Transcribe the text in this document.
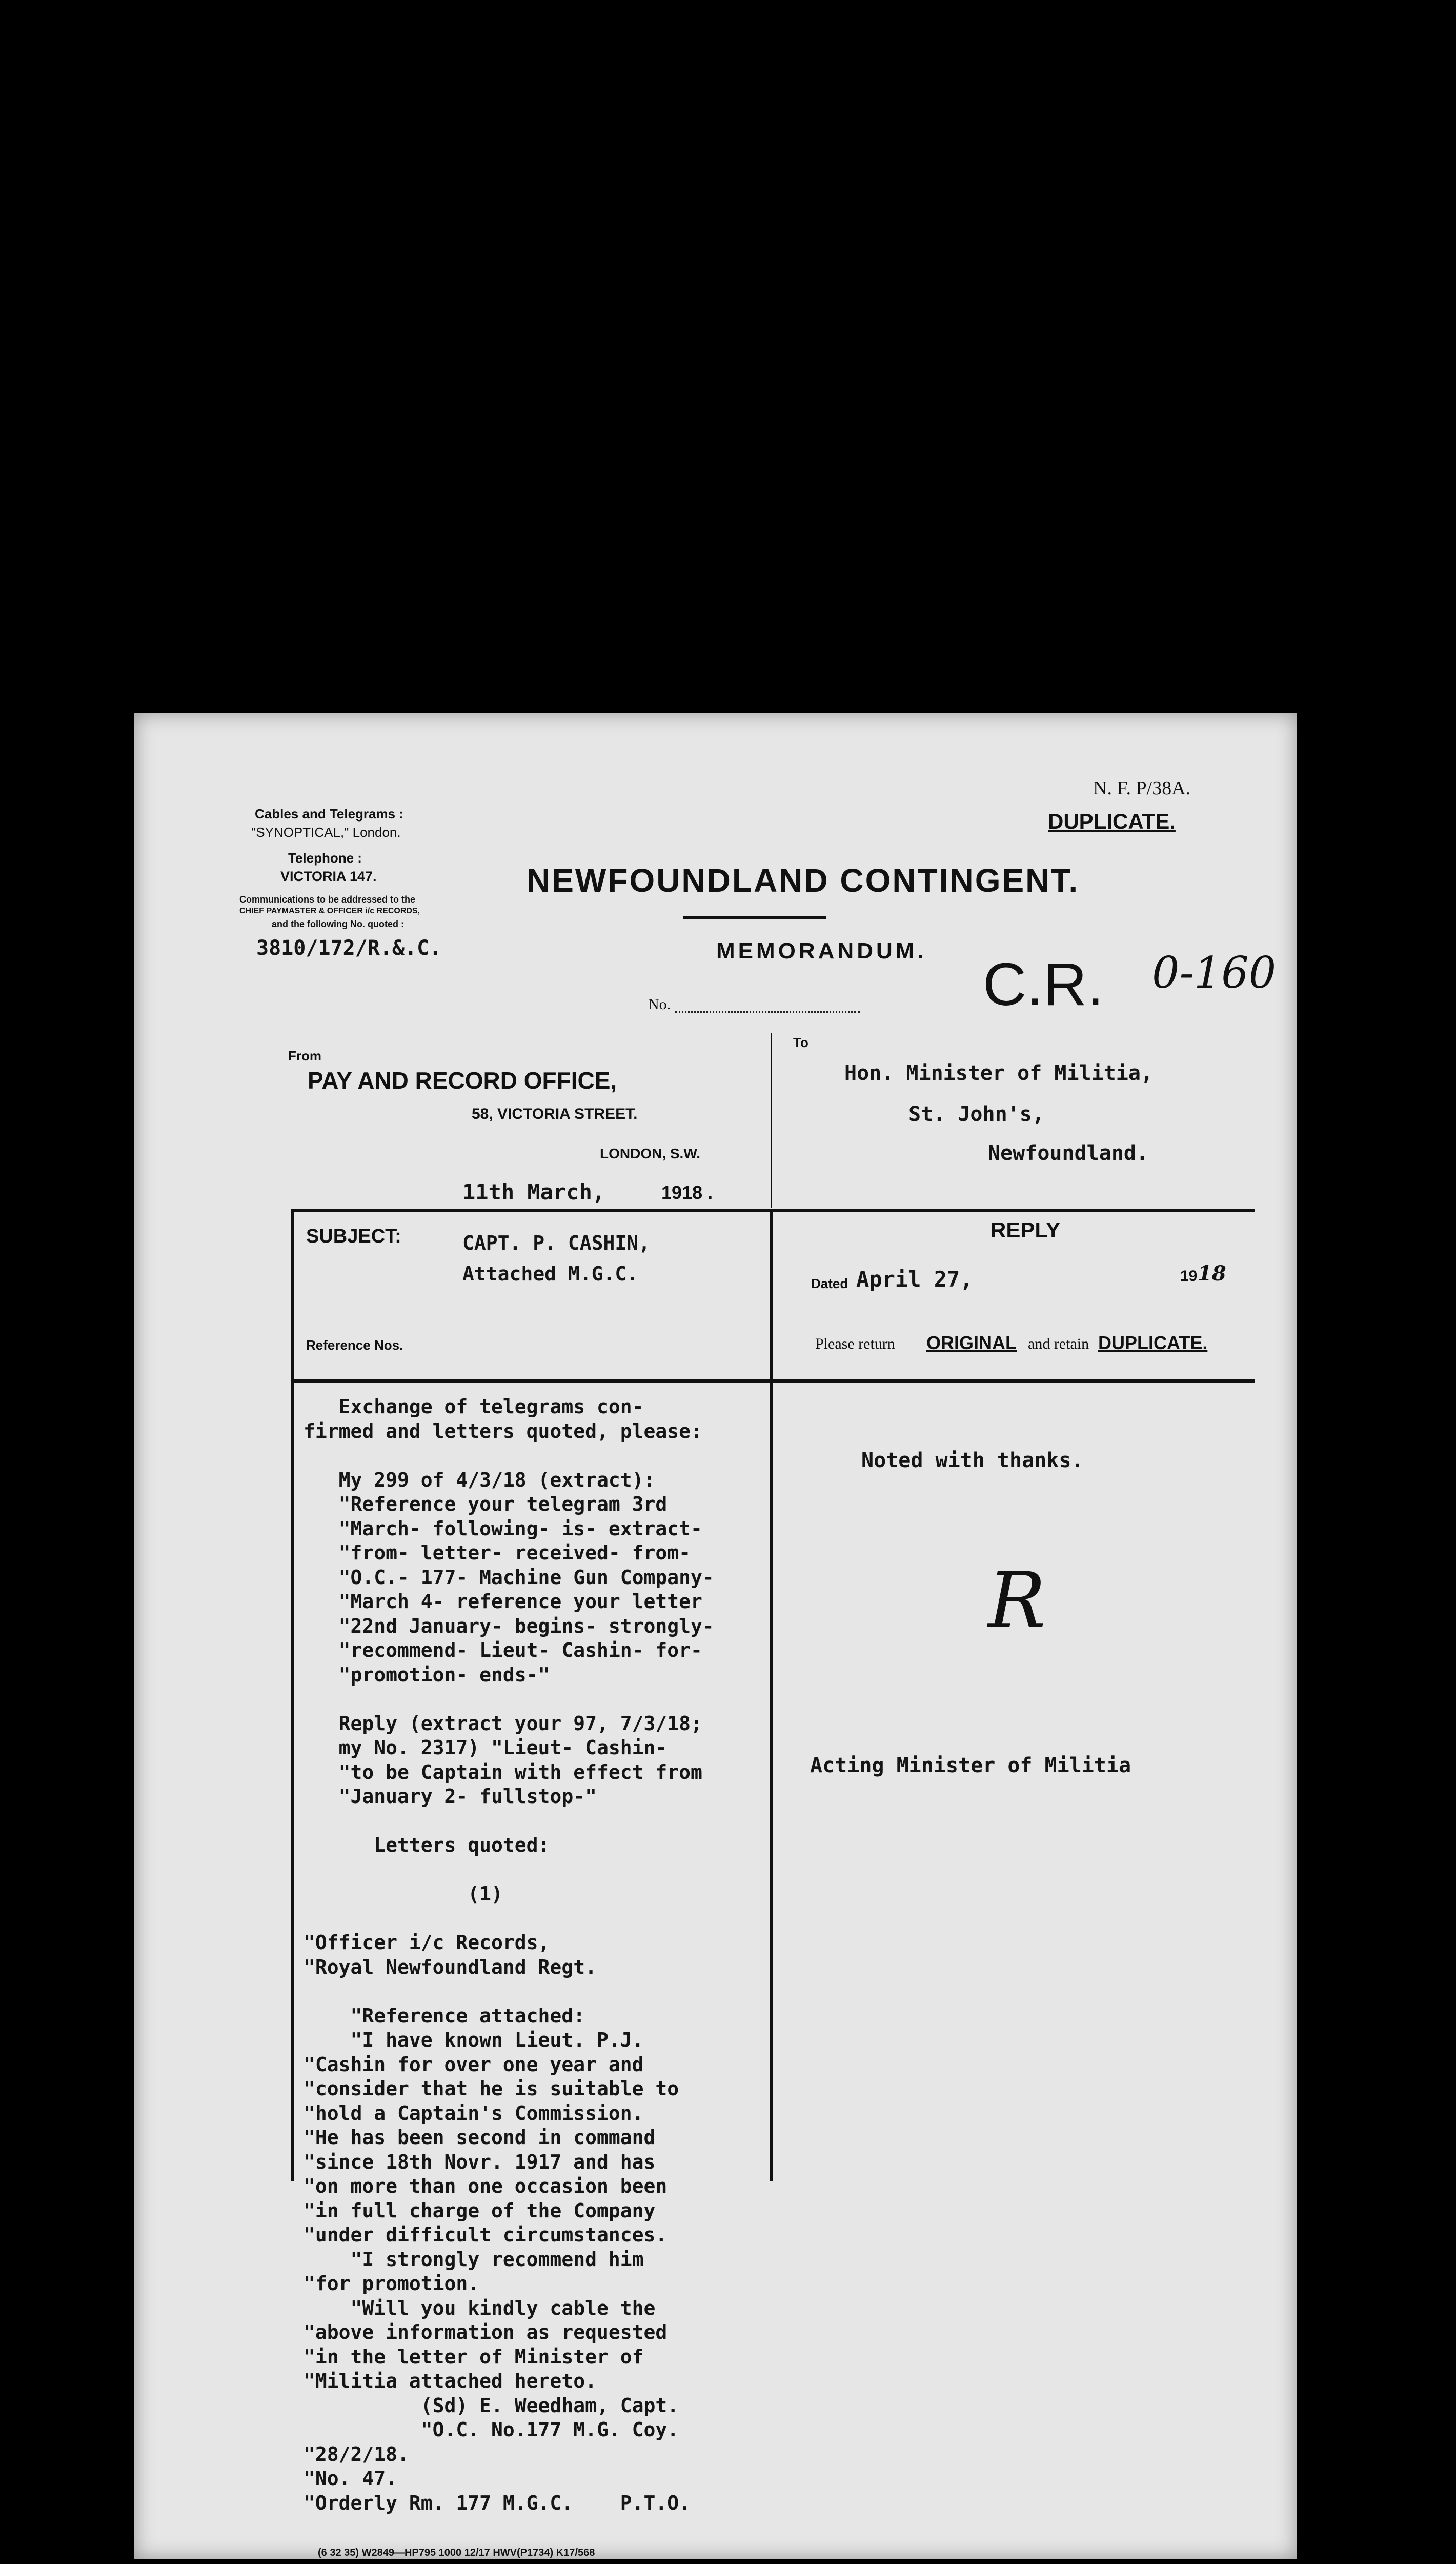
Cables and Telegrams :
"SYNOPTICAL," London.
Telephone :
VICTORIA 147.
Communications to be addressed to the
CHIEF PAYMASTER & OFFICER i/c RECORDS,
and the following No. quoted :
3810/172/R.&.C.
N. F. P/38A.
DUPLICATE.
NEWFOUNDLAND CONTINGENT.
MEMORANDUM.
No.	C.R. 0-160
From
PAY AND RECORD OFFICE,
58, VICTORIA STREET.
LONDON, S.W.
11th March,	1918 .
To
Hon. Minister of Militia,
St. John's,
Newfoundland.
SUBJECT:	CAPT. P. CASHIN,
Attached M.G.C.
Reference Nos.
REPLY
Dated April 27,	19 18
Please return ORIGINAL and retain DUPLICATE.
Noted with thanks.
R
Acting Minister of Militia
Exchange of telegrams con-
firmed and letters quoted, please:
My 299 of 4/3/18 (extract):
"Reference your telegram 3rd
"March- following- is- extract-
"from- letter- received- from-
"O.C.- 177- Machine Gun Company-
"March 4- reference your letter
"22nd January- begins- strongly-
"recommend- Lieut- Cashin- for-
"promotion- ends-"
Reply (extract your 97, 7/3/18;
my No. 2317) "Lieut- Cashin-
"to be Captain with effect from
"January 2- fullstop-"
Letters quoted:
(1)
"Officer i/c Records,
"Royal Newfoundland Regt.
"Reference attached:
"I have known Lieut. P.J.
"Cashin for over one year and
"consider that he is suitable to
"hold a Captain's Commission.
"He has been second in command
"since 18th Novr. 1917 and has
"on more than one occasion been
"in full charge of the Company
"under difficult circumstances.
"I strongly recommend him
"for promotion.
"Will you kindly cable the
"above information as requested
"in the letter of Minister of
"Militia attached hereto.
(Sd) E. Weedham, Capt.
"O.C. No.177 M.G. Coy.
"28/2/18.
"No. 47.
"Orderly Rm. 177 M.G.C.    P.T.O.
(6 32 35) W2849—HP795 1000 12/17 HWV(P1734) K17/568
